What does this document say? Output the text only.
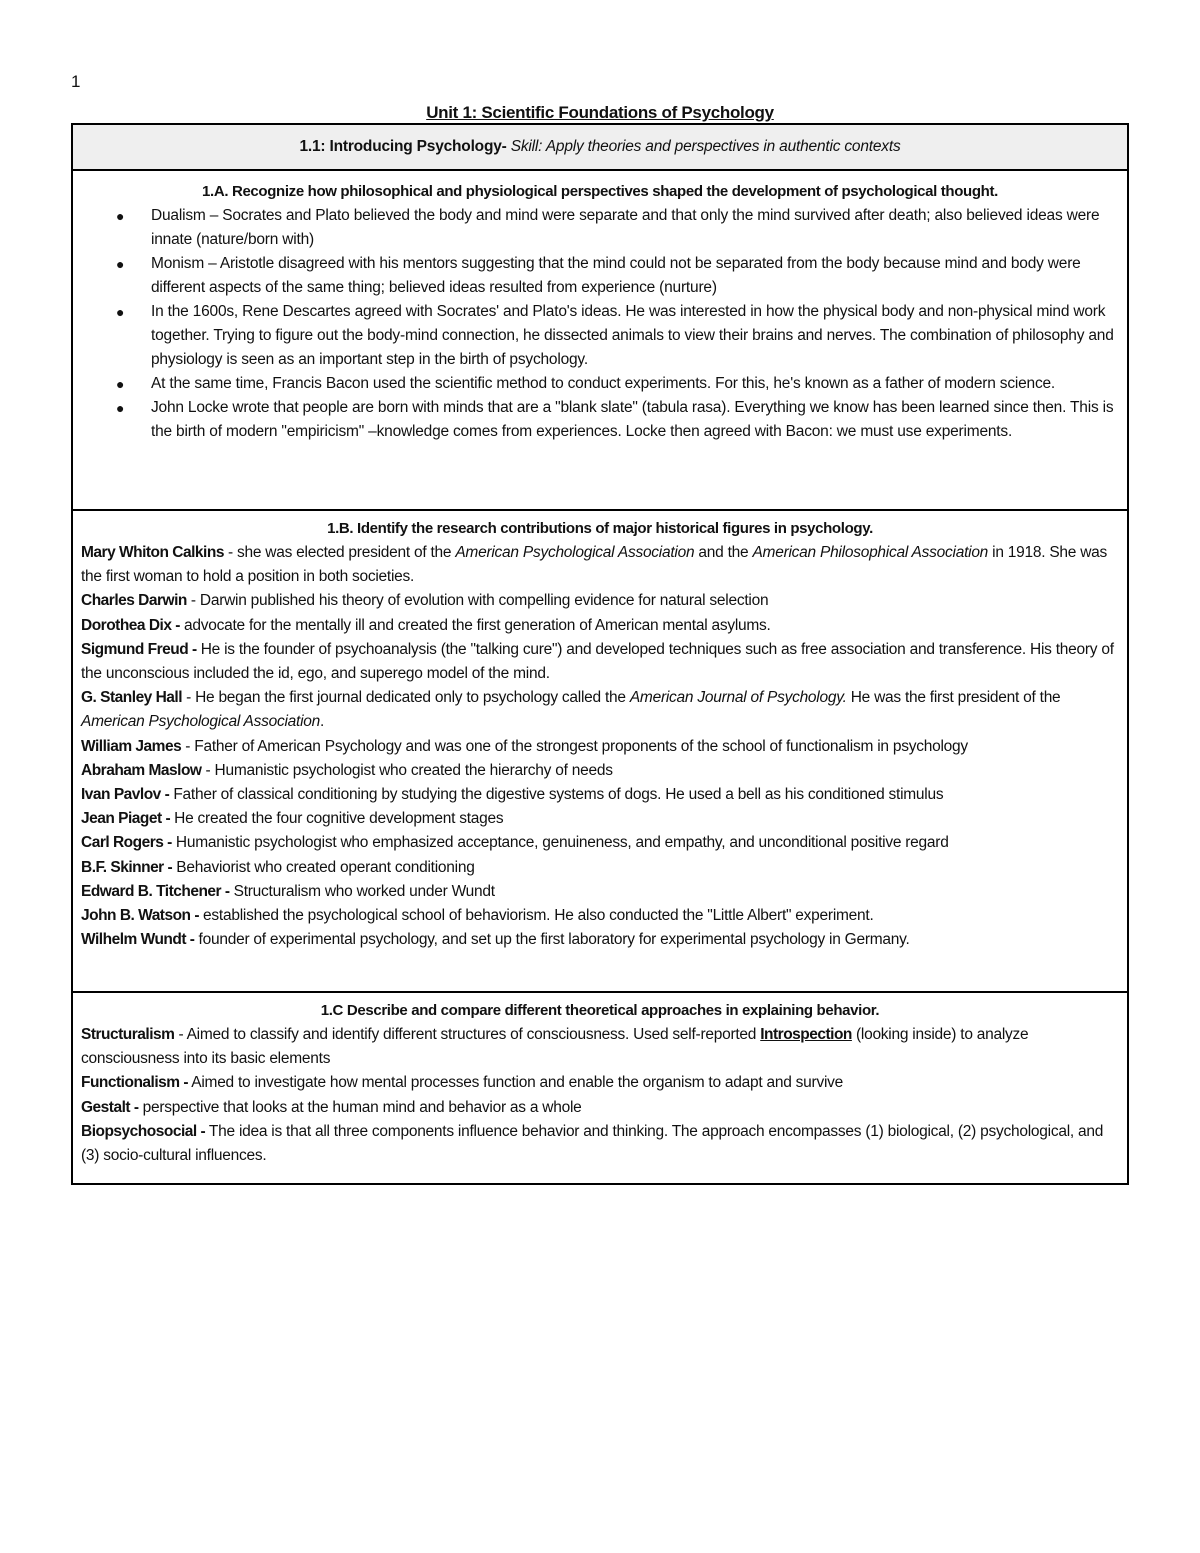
1
Unit 1: Scientific Foundations of Psychology
1.1: Introducing Psychology- Skill: Apply theories and perspectives in authentic contexts
1.A. Recognize how philosophical and physiological perspectives shaped the development of psychological thought.
● Dualism – Socrates and Plato believed the body and mind were separate and that only the mind survived after death; also believed ideas were innate (nature/born with)
● Monism – Aristotle disagreed with his mentors suggesting that the mind could not be separated from the body because mind and body were different aspects of the same thing; believed ideas resulted from experience (nurture)
● In the 1600s, Rene Descartes agreed with Socrates' and Plato's ideas. He was interested in how the physical body and non-physical mind work together. Trying to figure out the body-mind connection, he dissected animals to view their brains and nerves. The combination of philosophy and physiology is seen as an important step in the birth of psychology.
● At the same time, Francis Bacon used the scientific method to conduct experiments. For this, he's known as a father of modern science.
● John Locke wrote that people are born with minds that are a "blank slate" (tabula rasa). Everything we know has been learned since then. This is the birth of modern "empiricism" –knowledge comes from experiences. Locke then agreed with Bacon: we must use experiments.
1.B. Identify the research contributions of major historical figures in psychology.
Mary Whiton Calkins - she was elected president of the American Psychological Association and the American Philosophical Association in 1918. She was the first woman to hold a position in both societies.
Charles Darwin - Darwin published his theory of evolution with compelling evidence for natural selection
Dorothea Dix - advocate for the mentally ill and created the first generation of American mental asylums.
Sigmund Freud - He is the founder of psychoanalysis (the "talking cure") and developed techniques such as free association and transference. His theory of the unconscious included the id, ego, and superego model of the mind.
G. Stanley Hall - He began the first journal dedicated only to psychology called the American Journal of Psychology. He was the first president of the American Psychological Association.
William James - Father of American Psychology and was one of the strongest proponents of the school of functionalism in psychology
Abraham Maslow - Humanistic psychologist who created the hierarchy of needs
Ivan Pavlov - Father of classical conditioning by studying the digestive systems of dogs. He used a bell as his conditioned stimulus
Jean Piaget - He created the four cognitive development stages
Carl Rogers - Humanistic psychologist who emphasized acceptance, genuineness, and empathy, and unconditional positive regard
B.F. Skinner - Behaviorist who created operant conditioning
Edward B. Titchener - Structuralism who worked under Wundt
John B. Watson - established the psychological school of behaviorism. He also conducted the "Little Albert" experiment.
Wilhelm Wundt - founder of experimental psychology, and set up the first laboratory for experimental psychology in Germany.
1.C Describe and compare different theoretical approaches in explaining behavior.
Structuralism - Aimed to classify and identify different structures of consciousness. Used self-reported Introspection (looking inside) to analyze consciousness into its basic elements
Functionalism - Aimed to investigate how mental processes function and enable the organism to adapt and survive
Gestalt - perspective that looks at the human mind and behavior as a whole
Biopsychosocial - The idea is that all three components influence behavior and thinking. The approach encompasses (1) biological, (2) psychological, and (3) socio-cultural influences.
